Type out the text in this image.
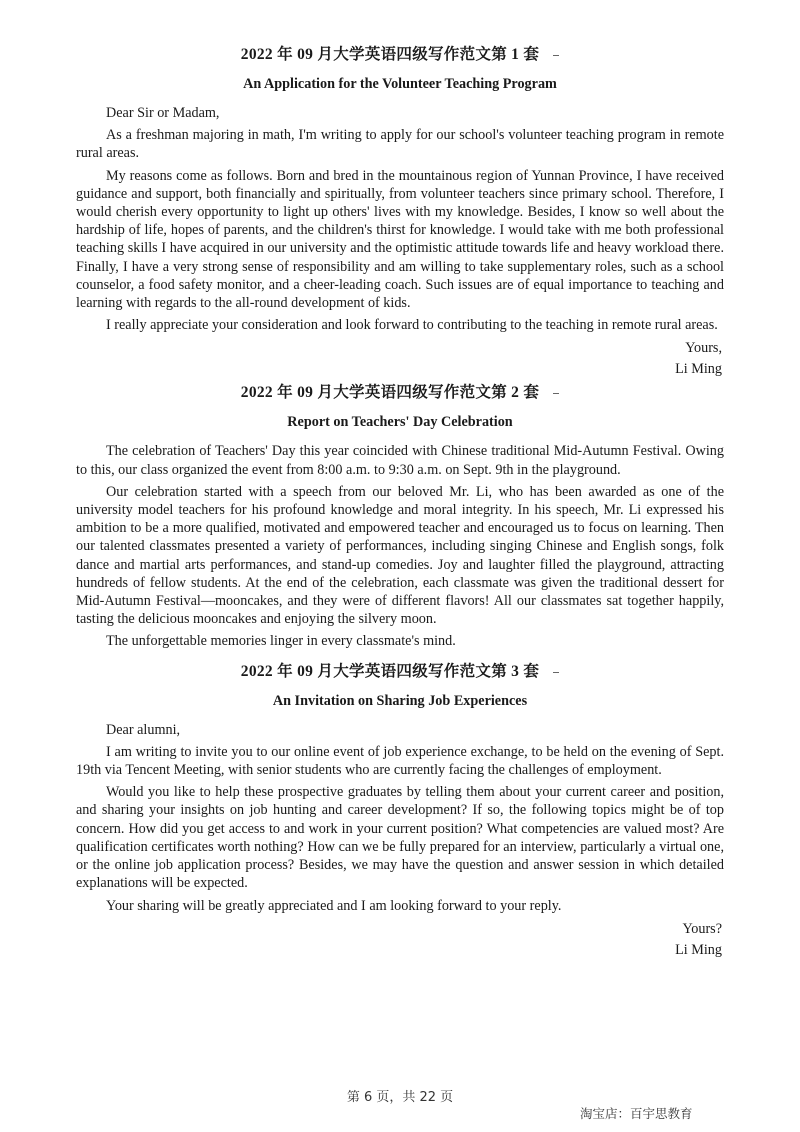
2022 年 09 月大学英语四级写作范文第 1 套
An Application for the Volunteer Teaching Program

Dear Sir or Madam,

As a freshman majoring in math, I'm writing to apply for our school's volunteer teaching program in remote rural areas.

My reasons come as follows. Born and bred in the mountainous region of Yunnan Province, I have received guidance and support, both financially and spiritually, from volunteer teachers since primary school. Therefore, I would cherish every opportunity to light up others' lives with my knowledge. Besides, I know so well about the hardship of life, hopes of parents, and the children's thirst for knowledge. I would take with me both professional teaching skills I have acquired in our university and the optimistic attitude towards life and heavy workload there. Finally, I have a very strong sense of responsibility and am willing to take supplementary roles, such as a school counselor, a food safety monitor, and a cheer-leading coach. Such issues are of equal importance to teaching and learning with regards to the all-round development of kids.

I really appreciate your consideration and look forward to contributing to the teaching in remote rural areas.

Yours,

Li Ming

2022 年 09 月大学英语四级写作范文第 2 套
Report on Teachers' Day Celebration

The celebration of Teachers' Day this year coincided with Chinese traditional Mid-Autumn Festival. Owing to this, our class organized the event from 8:00 a.m. to 9:30 a.m. on Sept. 9th in the playground.

Our celebration started with a speech from our beloved Mr. Li, who has been awarded as one of the university model teachers for his profound knowledge and moral integrity. In his speech, Mr. Li expressed his ambition to be a more qualified, motivated and empowered teacher and encouraged us to focus on learning. Then our talented classmates presented a variety of performances, including singing Chinese and English songs, folk dance and martial arts performances, and stand-up comedies. Joy and laughter filled the playground, attracting hundreds of fellow students. At the end of the celebration, each classmate was given the traditional dessert for Mid-Autumn Festival—mooncakes, and they were of different flavors! All our classmates sat together happily, tasting the delicious mooncakes and enjoying the silvery moon.

The unforgettable memories linger in every classmate's mind.

2022 年 09 月大学英语四级写作范文第 3 套
An Invitation on Sharing Job Experiences

Dear alumni,

I am writing to invite you to our online event of job experience exchange, to be held on the evening of Sept. 19th via Tencent Meeting, with senior students who are currently facing the challenges of employment.

Would you like to help these prospective graduates by telling them about your current career and position, and sharing your insights on job hunting and career development? If so, the following topics might be of top concern. How did you get access to and work in your current position? What competencies are valued most? Are qualification certificates worth nothing? How can we be fully prepared for an interview, particularly a virtual one, or the online job application process? Besides, we may have the question and answer session in which detailed explanations will be expected.

Your sharing will be greatly appreciated and I am looking forward to your reply.

Yours?

Li Ming

第 6 页，共 22 页
淘宝店：百宇思教育
